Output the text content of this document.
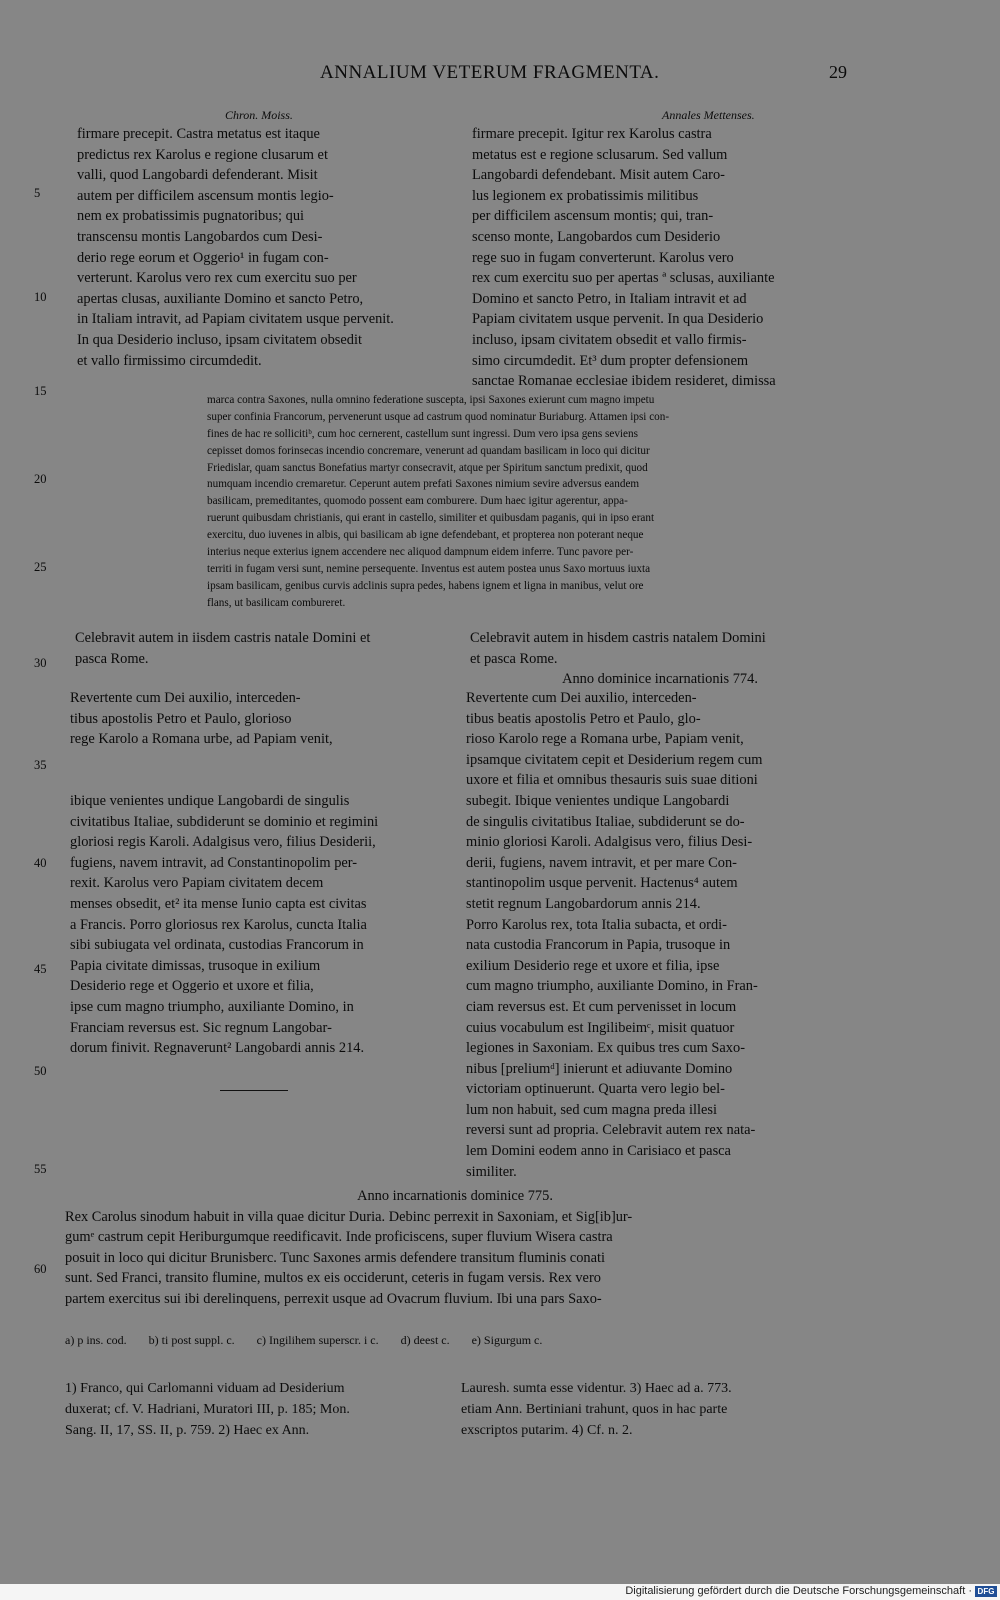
ANNALIUM VETERUM FRAGMENTA.	29
Chron. Moiss.	Annales Mettenses.
firmare precepit. Castra metatus est itaque
predictus rex Karolus e regione clusarum et
valli, quod Langobardi defenderant. Misit
autem per difficilem ascensum montis legio-
nem ex probatissimis pugnatoribus; qui
transcensu montis Langobardos cum Desi-
derio rege eorum et Oggerio¹ in fugam con-
verterunt. Karolus vero rex cum exercitu suo per
apertas clusas, auxiliante Domino et sancto Petro,
in Italiam intravit, ad Papiam civitatem usque pervenit.
In qua Desiderio incluso, ipsam civitatem obsedit
et vallo firmissimo circumdedit.
firmare precepit. Igitur rex Karolus castra
metatus est e regione sclusarum. Sed vallum
Langobardi defendebant. Misit autem Caro-
lus legionem ex probatissimis militibus
per difficilem ascensum montis; qui, tran-
scenso monte, Langobardos cum Desiderio
rege suo in fugam converterunt. Karolus vero
rex cum exercitu suo per apertas ª sclusas, auxiliante
Domino et sancto Petro, in Italiam intravit et ad
Papiam civitatem usque pervenit. In qua Desiderio
incluso, ipsam civitatem obsedit et vallo firmis-
simo circumdedit. Et³ dum propter defensionem
sanctae Romanae ecclesiae ibidem resideret, dimissa
marca contra Saxones, nulla omnino federatione suscepta, ipsi Saxones exierunt cum magno impetu
super confinia Francorum, pervenerunt usque ad castrum quod nominatur Buriaburg. Attamen ipsi con-
fines de hac re sollicitiᵇ, cum hoc cernerent, castellum sunt ingressi. Dum vero ipsa gens seviens
cepisset domos forinsecas incendio concremare, venerunt ad quandam basilicam in loco qui dicitur
Friedislar, quam sanctus Bonefatius martyr consecravit, atque per Spiritum sanctum predixit, quod
numquam incendio cremaretur. Ceperunt autem prefati Saxones nimium sevire adversus eandem
basilicam, premeditantes, quomodo possent eam comburere. Dum haec igitur agerentur, appa-
ruerunt quibusdam christianis, qui erant in castello, similiter et quibusdam paganis, qui in ipso erant
exercitu, duo iuvenes in albis, qui basilicam ab igne defendebant, et propterea non poterant neque
interius neque exterius ignem accendere nec aliquod dampnum eidem inferre. Tunc pavore per-
territi in fugam versi sunt, nemine persequente. Inventus est autem postea unus Saxo mortuus iuxta
ipsam basilicam, genibus curvis adclinis supra pedes, habens ignem et ligna in manibus, velut ore
flans, ut basilicam combureret.
Celebravit autem in iisdem castris natale Domini et
pasca Rome.
Celebravit autem in hisdem castris natalem Domini
et pasca Rome.
Anno dominice incarnationis 774.
Revertente cum Dei auxilio, interceden-
tibus apostolis Petro et Paulo, glorioso
rege Karolo a Romana urbe, ad Papiam venit,
ibique venientes undique Langobardi de singulis
civitatibus Italiae, subdiderunt se dominio et regimini
gloriosi regis Karoli. Adalgisus vero, filius Desiderii,
fugiens, navem intravit, ad Constantinopolim per-
rexit. Karolus vero Papiam civitatem decem
menses obsedit, et² ita mense Iunio capta est civitas
a Francis. Porro gloriosus rex Karolus, cuncta Italia
sibi subiugata vel ordinata, custodias Francorum in
Papia civitate dimissas, trusoque in exilium
Desiderio rege et Oggerio et uxore et filia,
ipse cum magno triumpho, auxiliante Domino, in
Franciam reversus est. Sic regnum Langobar-
dorum finivit. Regnaverunt² Langobardi annis 214.
Revertente cum Dei auxilio, interceden-
tibus beatis apostolis Petro et Paulo, glo-
rioso Karolo rege a Romana urbe, Papiam venit,
ipsamque civitatem cepit et Desiderium regem cum
uxore et filia et omnibus thesauris suis suae ditioni
subegit. Ibique venientes undique Langobardi
de singulis civitatibus Italiae, subdiderunt se do-
minio gloriosi Karoli. Adalgisus vero, filius Desi-
derii, fugiens, navem intravit, et per mare Con-
stantinopolim usque pervenit. Hactenus⁴ autem
stetit regnum Langobardorum annis 214.
Porro Karolus rex, tota Italia subacta, et ordi-
nata custodia Francorum in Papia, trusoque in
exilium Desiderio rege et uxore et filia, ipse
cum magno triumpho, auxiliante Domino, in Fran-
ciam reversus est. Et cum pervenisset in locum
cuius vocabulum est Ingilibeimᶜ, misit quatuor
legiones in Saxoniam. Ex quibus tres cum Saxo-
nibus [preliumᵈ] inierunt et adiuvante Domino
victoriam optinuerunt. Quarta vero legio bel-
lum non habuit, sed cum magna preda illesi
reversi sunt ad propria. Celebravit autem rex nata-
lem Domini eodem anno in Carisiaco et pasca
similiter.
Anno incarnationis dominice 775.
Rex Carolus sinodum habuit in villa quae dicitur Duria. Debinc perrexit in Saxoniam, et Sig[ib]ur-
gumᵉ castrum cepit Heriburgumque reedificavit. Inde proficiscens, super fluvium Wisera castra
posuit in loco qui dicitur Brunisberc. Tunc Saxones armis defendere transitum fluminis conati
sunt. Sed Franci, transito flumine, multos ex eis occiderunt, ceteris in fugam versis. Rex vero
partem exercitus sui ibi derelinquens, perrexit usque ad Ovacrum fluvium. Ibi una pars Saxo-
5
10
15
20
25
30
35
40
45
50
55
60
a) p ins. cod. b) ti post suppl. c. c) Ingilihem superscr. i c. d) deest c. e) Sigurgum c.
1) Franco, qui Carlomanni viduam ad Desiderium
duxerat; cf. V. Hadriani, Muratori III, p. 185; Mon.
Sang. II, 17, SS. II, p. 759. 2) Haec ex Ann.
Lauresh. sumta esse videntur. 3) Haec ad a. 773.
etiam Ann. Bertiniani trahunt, quos in hac parte
exscriptos putarim. 4) Cf. n. 2.
Digitalisierung gefördert durch die Deutsche Forschungsgemeinschaft · DFG
